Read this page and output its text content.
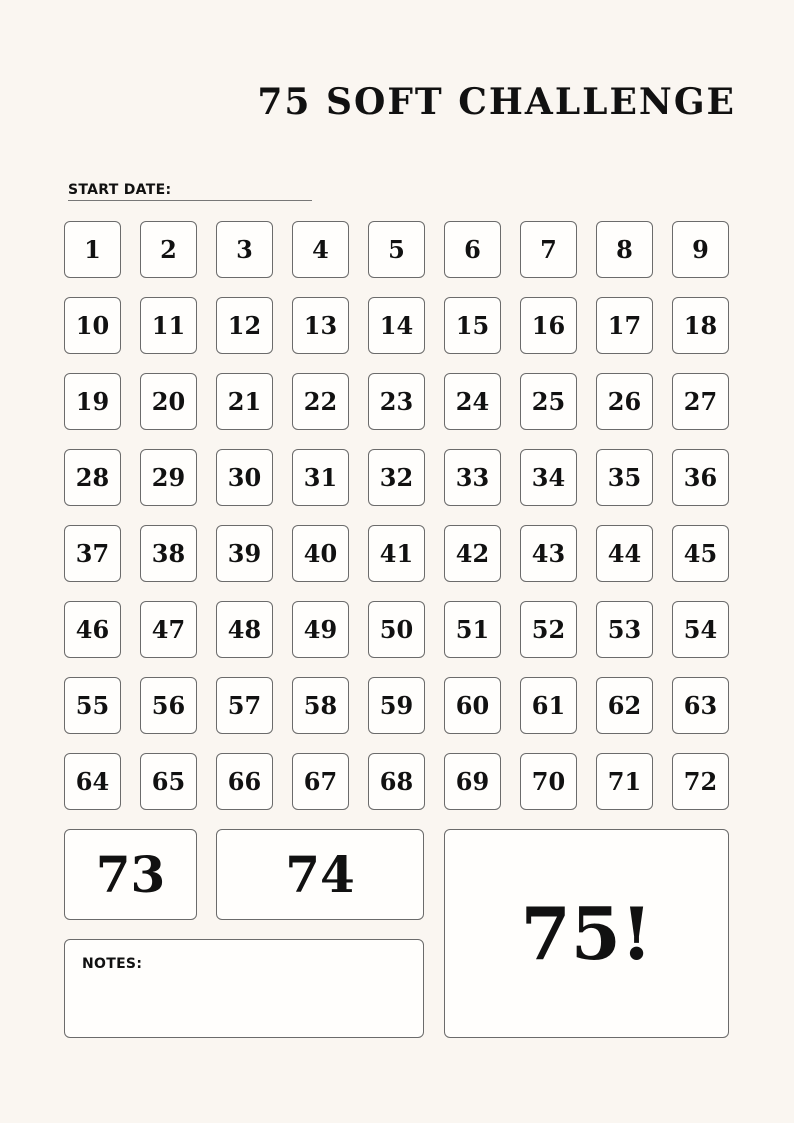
75 SOFT CHALLENGE
START DATE:
1 2 3 4 5 6 7 8 9
10 11 12 13 14 15 16 17 18
19 20 21 22 23 24 25 26 27
28 29 30 31 32 33 34 35 36
37 38 39 40 41 42 43 44 45
46 47 48 49 50 51 52 53 54
55 56 57 58 59 60 61 62 63
64 65 66 67 68 69 70 71 72
73 74
75!
NOTES:
